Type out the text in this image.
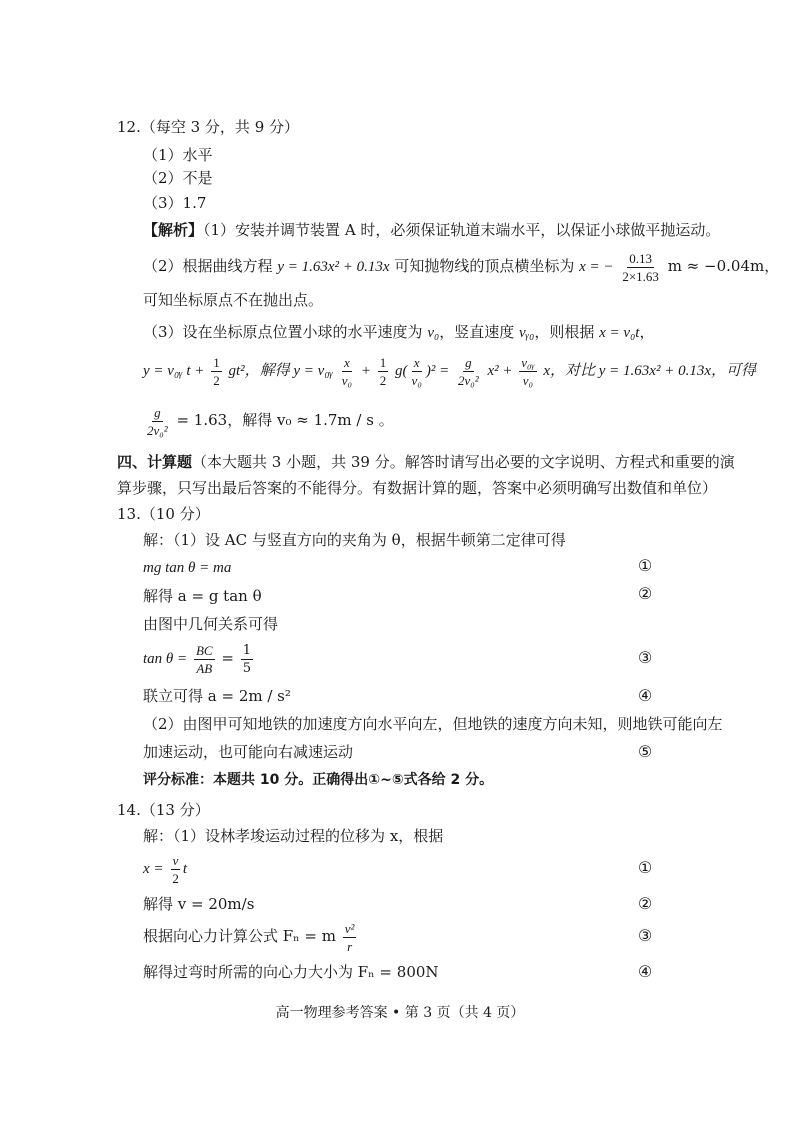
12.（每空 3 分，共 9 分）
（1）水平
（2）不是
（3）1.7
【解析】（1）安装并调节装置 A 时，必须保证轨道末端水平，以保证小球做平抛运动。
（2）根据曲线方程 y = 1.63x² + 0.13x 可知抛物线的顶点横坐标为 x = − $\frac{0.13}{2\times 1.63}$ m ≈ −0.04m，
可知坐标原点不在抛出点。
（3）设在坐标原点位置小球的水平速度为 v₀，竖直速度 vᵧ₀，则根据 x = v₀t，
y = v₀ᵧ $t + \frac{1}{2} gt^2$，解得 y = v₀ᵧ $\frac{x}{\text{v₀}} + \frac{1}{2} g( \frac{x}{\text{v₀}} )^2 = \frac{g}{\text{2v₀²}} x^2 + \frac{\text{v₀ᵧ}}{\text{v₀}}$ x，对比 y = 1.63x² + 0.13x，可得
$\frac{g}{\text{2v₀²}} = 1.63$，解得 v₀ ≈ 1.7m / s 。
四、计算题（本大题共 3 小题，共 39 分。解答时请写出必要的文字说明、方程式和重要的演
算步骤，只写出最后答案的不能得分。有数据计算的题，答案中必须明确写出数值和单位）
13.（10 分）
解：（1）设 AC 与竖直方向的夹角为 θ，根据牛顿第二定律可得
mg tan θ = ma	①
解得 a = g tan θ	②
由图中几何关系可得
$\tan \theta = \frac{BC}{AB} = \frac{1}{5}$	③
联立可得 a = 2m / s²	④
（2）由图甲可知地铁的加速度方向水平向左，但地铁的速度方向未知，则地铁可能向左
加速运动，也可能向右减速运动	⑤
评分标准：本题共 10 分。正确得出①~⑤式各给 2 分。
14.（13 分）
解：（1）设林孝埈运动过程的位移为 x，根据
$x = \frac{v}{2}$ t	①
解得 v = 20m/s	②
根据向心力计算公式 Fₙ = m $\frac{\text{v²}}{r}$	③
解得过弯时所需的向心力大小为 Fₙ = 800N	④
高一物理参考答案 • 第 3 页（共 4 页）
